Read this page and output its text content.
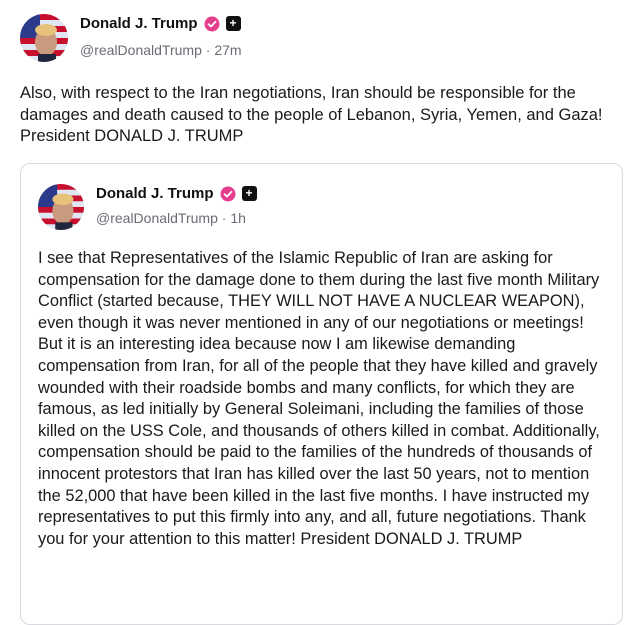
Donald J. Trump	+
@realDonaldTrump · 27m
Also, with respect to the Iran negotiations, Iran should be responsible for the damages and death caused to the people of Lebanon, Syria, Yemen, and Gaza! President DONALD J. TRUMP
Donald J. Trump	+
@realDonaldTrump · 1h
I see that Representatives of the Islamic Republic of Iran are asking for compensation for the damage done to them during the last five month Military Conflict (started because, THEY WILL NOT HAVE A NUCLEAR WEAPON), even though it was never mentioned in any of our negotiations or meetings! But it is an interesting idea because now I am likewise demanding compensation from Iran, for all of the people that they have killed and gravely wounded with their roadside bombs and many conflicts, for which they are famous, as led initially by General Soleimani, including the families of those killed on the USS Cole, and thousands of others killed in combat. Additionally, compensation should be paid to the families of the hundreds of thousands of innocent protestors that Iran has killed over the last 50 years, not to mention the 52,000 that have been killed in the last five months. I have instructed my representatives to put this firmly into any, and all, future negotiations. Thank you for your attention to this matter! President DONALD J. TRUMP
